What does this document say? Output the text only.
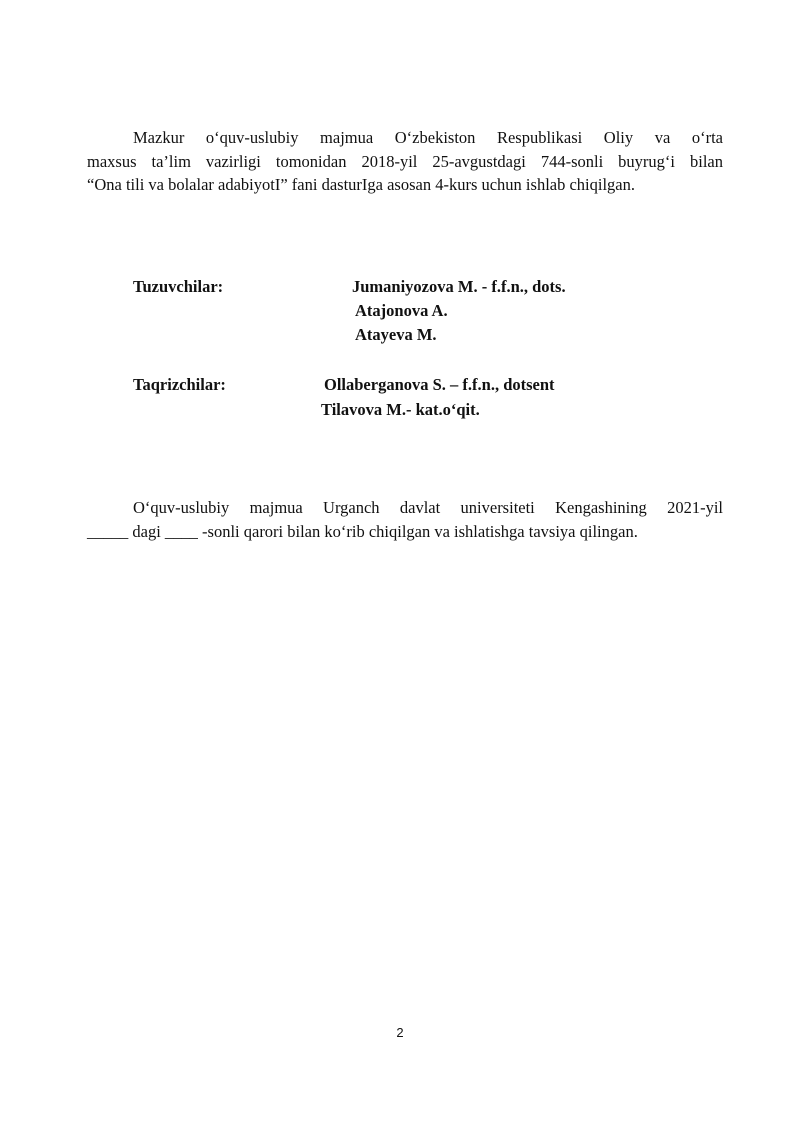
Mazkur o‘quv-uslubiy majmua O‘zbekiston Respublikasi Oliy va o‘rta
maxsus ta’lim vazirligi tomonidan 2018-yil 25-avgustdagi 744-sonli buyrug‘i bilan
“Ona tili va bolalar adabiyotI” fani dasturIga asosan 4-kurs uchun ishlab chiqilgan.
Tuzuvchilar:	Jumaniyozova M. - f.f.n., dots.
Atajonova A.
Atayeva M.
Taqrizchilar:	Ollaberganova S. – f.f.n., dotsent
Tilavova M.- kat.o‘qit.
O‘quv-uslubiy majmua Urganch davlat universiteti Kengashining 2021-yil
_____ dagi ____ -sonli qarori bilan ko‘rib chiqilgan va ishlatishga tavsiya qilingan.
2
